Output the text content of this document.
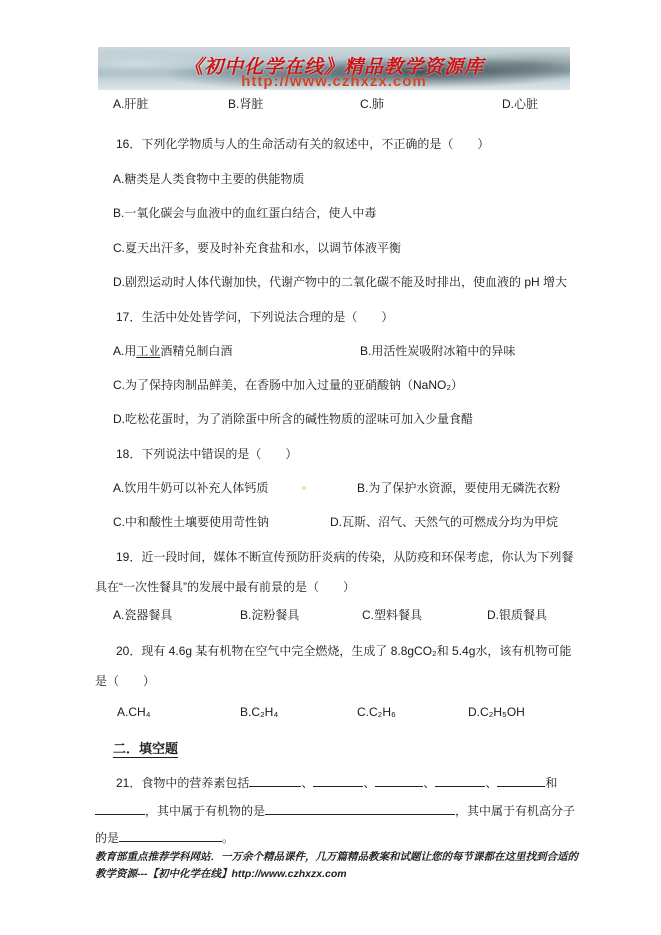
《初中化学在线》精品教学资源库
http://www.czhxzx.com
A.肝脏	B.肾脏	C.肺	D.心脏
16．下列化学物质与人的生命活动有关的叙述中，不正确的是（　　）
A.糖类是人类食物中主要的供能物质
B.一氧化碳会与血液中的血红蛋白结合，使人中毒
C.夏天出汗多，要及时补充食盐和水，以调节体液平衡
D.剧烈运动时人体代谢加快，代谢产物中的二氧化碳不能及时排出，使血液的 pH 增大
17．生活中处处皆学问，下列说法合理的是（　　）
A.用工业酒精兑制白酒	B.用活性炭吸附冰箱中的异味
C.为了保持肉制品鲜美，在香肠中加入过量的亚硝酸钠（NaNO₂）
D.吃松花蛋时，为了消除蛋中所含的碱性物质的涩味可加入少量食醋
18．下列说法中错误的是（　　）
A.饮用牛奶可以补充人体钙质	B.为了保护水资源，要使用无磷洗衣粉
C.中和酸性土壤要使用苛性钠	D.瓦斯、沼气、天然气的可燃成分均为甲烷
19．近一段时间，媒体不断宣传预防肝炎病的传染，从防疫和环保考虑，你认为下列餐
具在“一次性餐具”的发展中最有前景的是（　　）
A.瓷器餐具	B.淀粉餐具	C.塑料餐具	D.银质餐具
20．现有 4.6g 某有机物在空气中完全燃烧，生成了 8.8gCO₂和 5.4g水，该有机物可能
是（　　）
A.CH₄	B.C₂H₄	C.C₂H₆	D.C₂H₅OH
二．填空题
21．食物中的营养素包括	、	、	、	、	和
，其中属于有机物的是	，其中属于有机高分子
的是	。
教育部重点推荐学科网站．一万余个精品课件，几万篇精品教案和试题让您的每节课都在这里找到合适的
教学资源---【初中化学在线】http://www.czhxzx.com
